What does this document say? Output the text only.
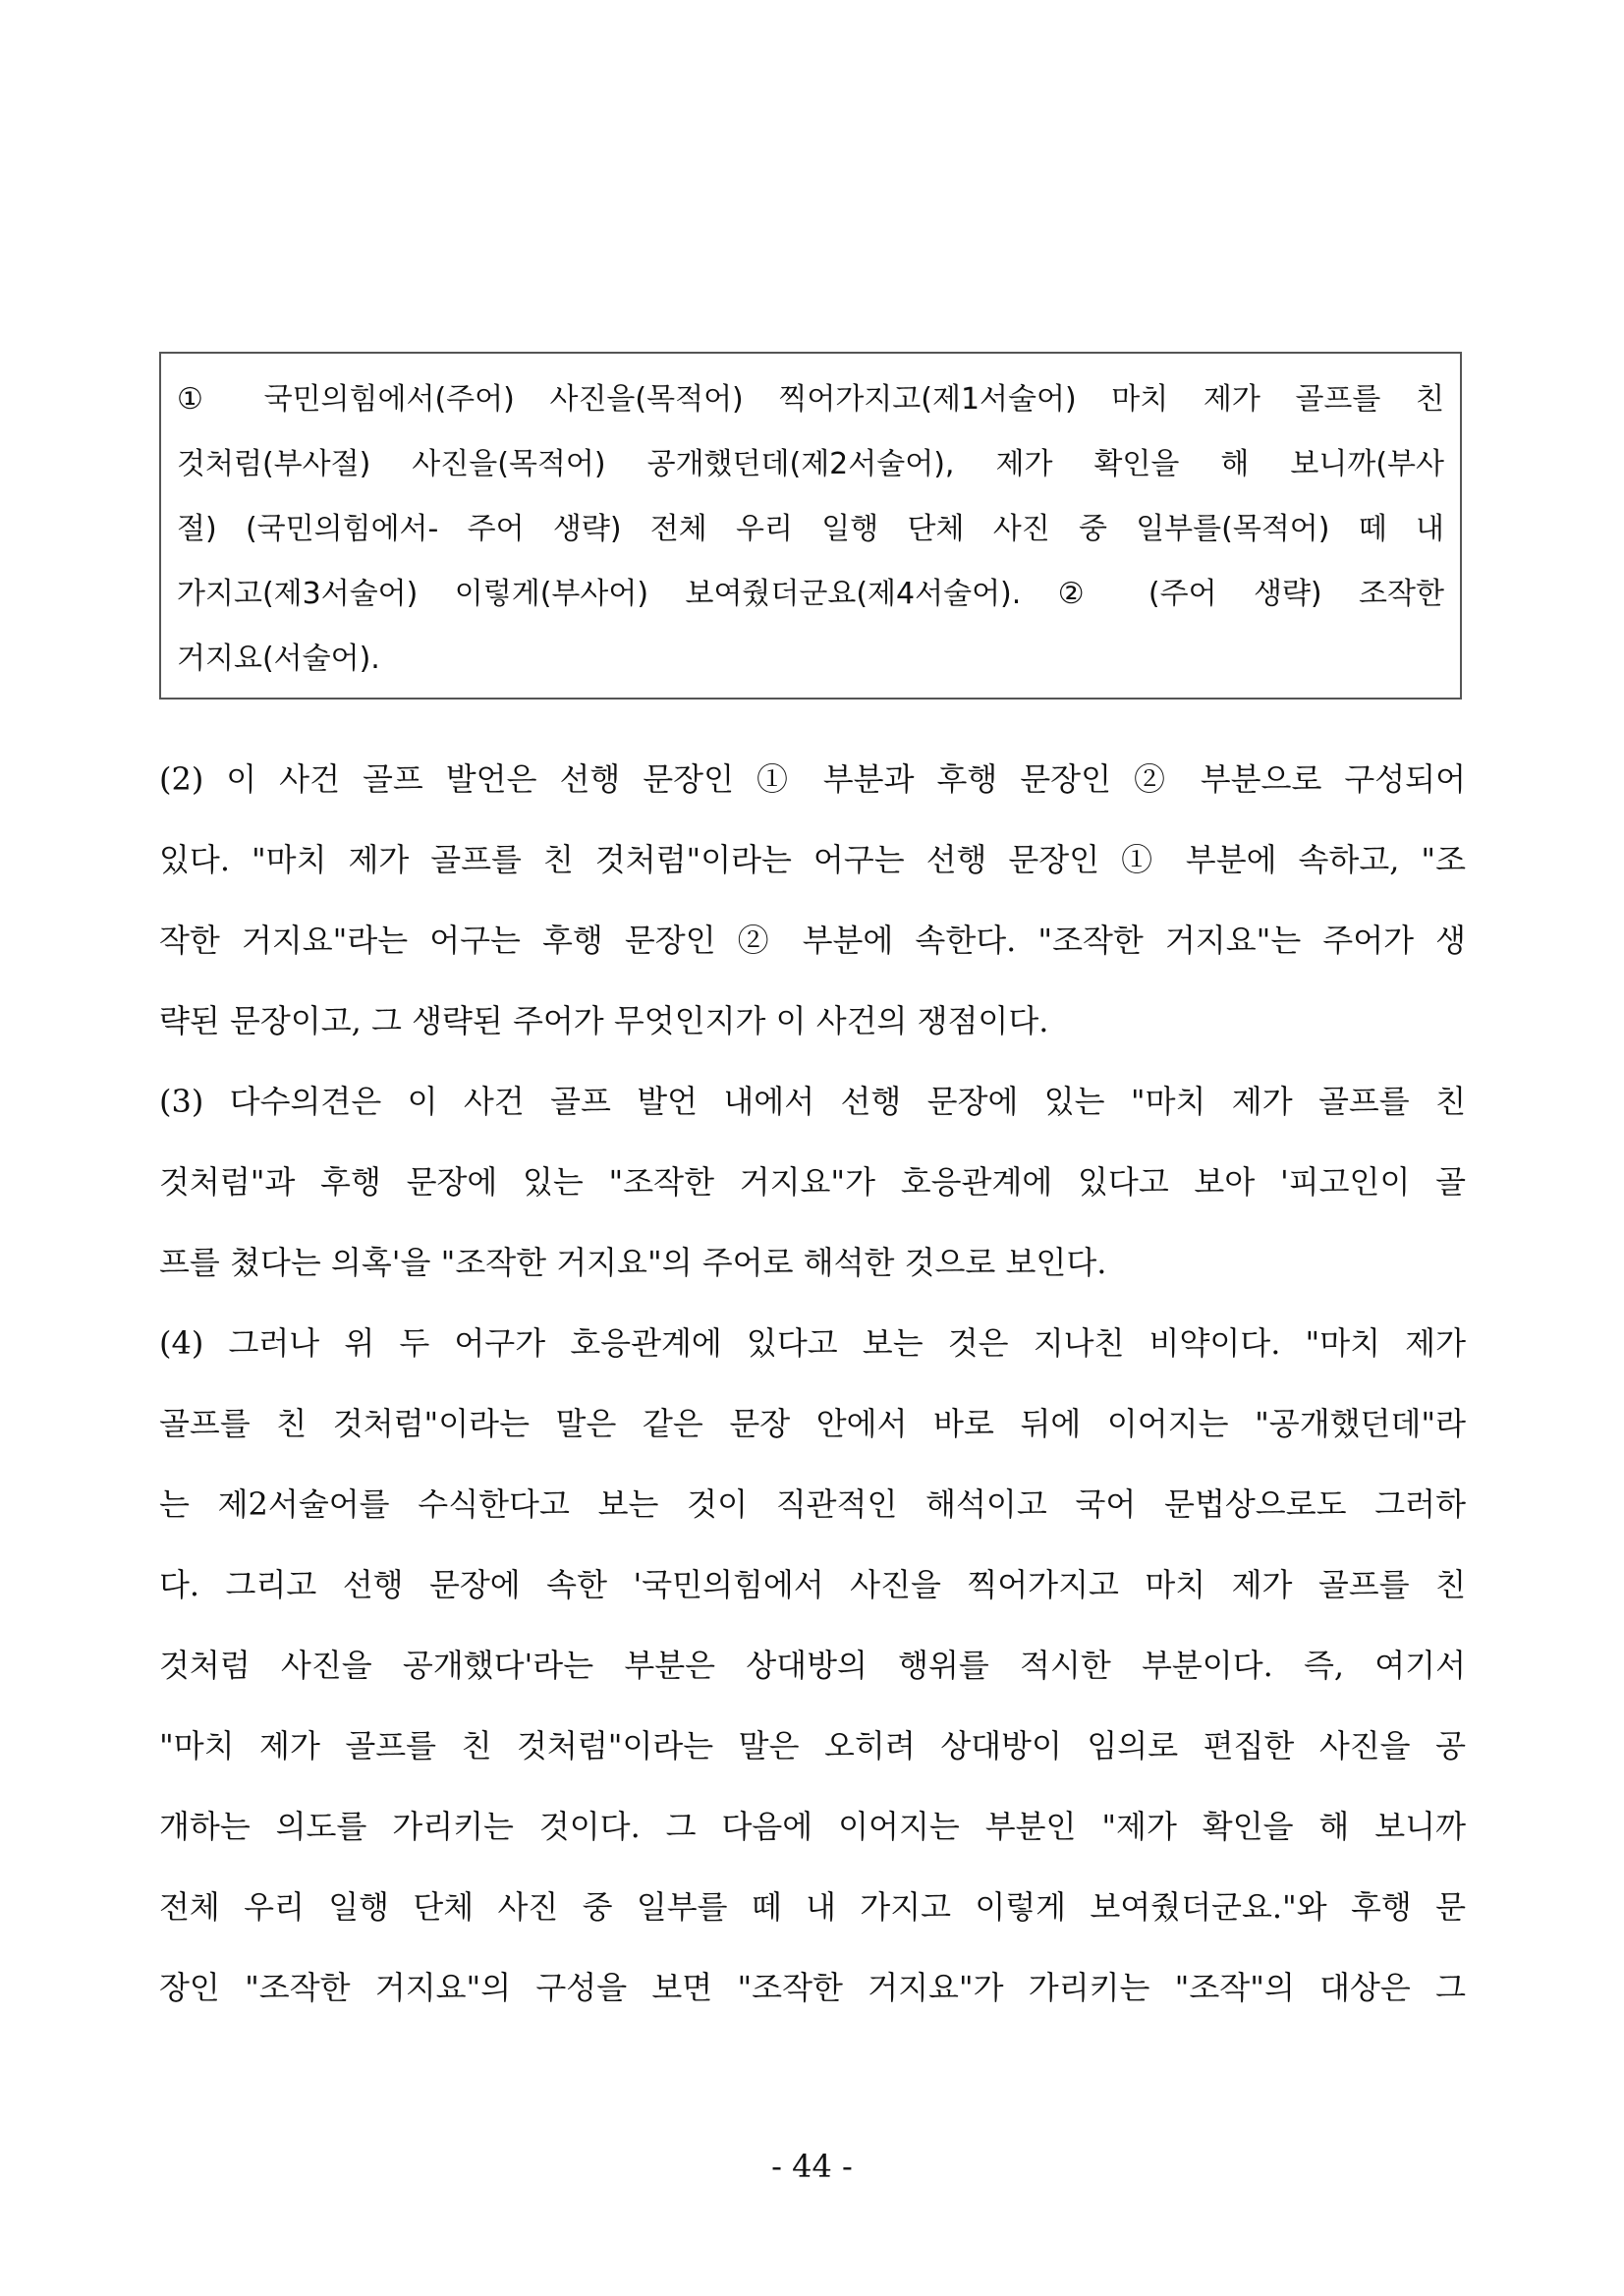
① 국민의힘에서(주어) 사진을(목적어) 찍어가지고(제1서술어) 마치 제가 골프를 친
것처럼(부사절) 사진을(목적어) 공개했던데(제2서술어), 제가 확인을 해 보니까(부사
절) (국민의힘에서- 주어 생략) 전체 우리 일행 단체 사진 중 일부를(목적어) 떼 내
가지고(제3서술어) 이렇게(부사어) 보여줬더군요(제4서술어). ② (주어 생략) 조작한
거지요(서술어).
(2) 이 사건 골프 발언은 선행 문장인 ① 부분과 후행 문장인 ② 부분으로 구성되어
있다. "마치 제가 골프를 친 것처럼"이라는 어구는 선행 문장인 ① 부분에 속하고, "조
작한 거지요"라는 어구는 후행 문장인 ② 부분에 속한다. "조작한 거지요"는 주어가 생
략된 문장이고, 그 생략된 주어가 무엇인지가 이 사건의 쟁점이다.
(3) 다수의견은 이 사건 골프 발언 내에서 선행 문장에 있는 "마치 제가 골프를 친
것처럼"과 후행 문장에 있는 "조작한 거지요"가 호응관계에 있다고 보아 '피고인이 골
프를 쳤다는 의혹'을 "조작한 거지요"의 주어로 해석한 것으로 보인다.
(4) 그러나 위 두 어구가 호응관계에 있다고 보는 것은 지나친 비약이다. "마치 제가
골프를 친 것처럼"이라는 말은 같은 문장 안에서 바로 뒤에 이어지는 "공개했던데"라
는 제2서술어를 수식한다고 보는 것이 직관적인 해석이고 국어 문법상으로도 그러하
다. 그리고 선행 문장에 속한 '국민의힘에서 사진을 찍어가지고 마치 제가 골프를 친
것처럼 사진을 공개했다'라는 부분은 상대방의 행위를 적시한 부분이다. 즉, 여기서
"마치 제가 골프를 친 것처럼"이라는 말은 오히려 상대방이 임의로 편집한 사진을 공
개하는 의도를 가리키는 것이다. 그 다음에 이어지는 부분인 "제가 확인을 해 보니까
전체 우리 일행 단체 사진 중 일부를 떼 내 가지고 이렇게 보여줬더군요."와 후행 문
장인 "조작한 거지요"의 구성을 보면 "조작한 거지요"가 가리키는 "조작"의 대상은 그
- 44 -
